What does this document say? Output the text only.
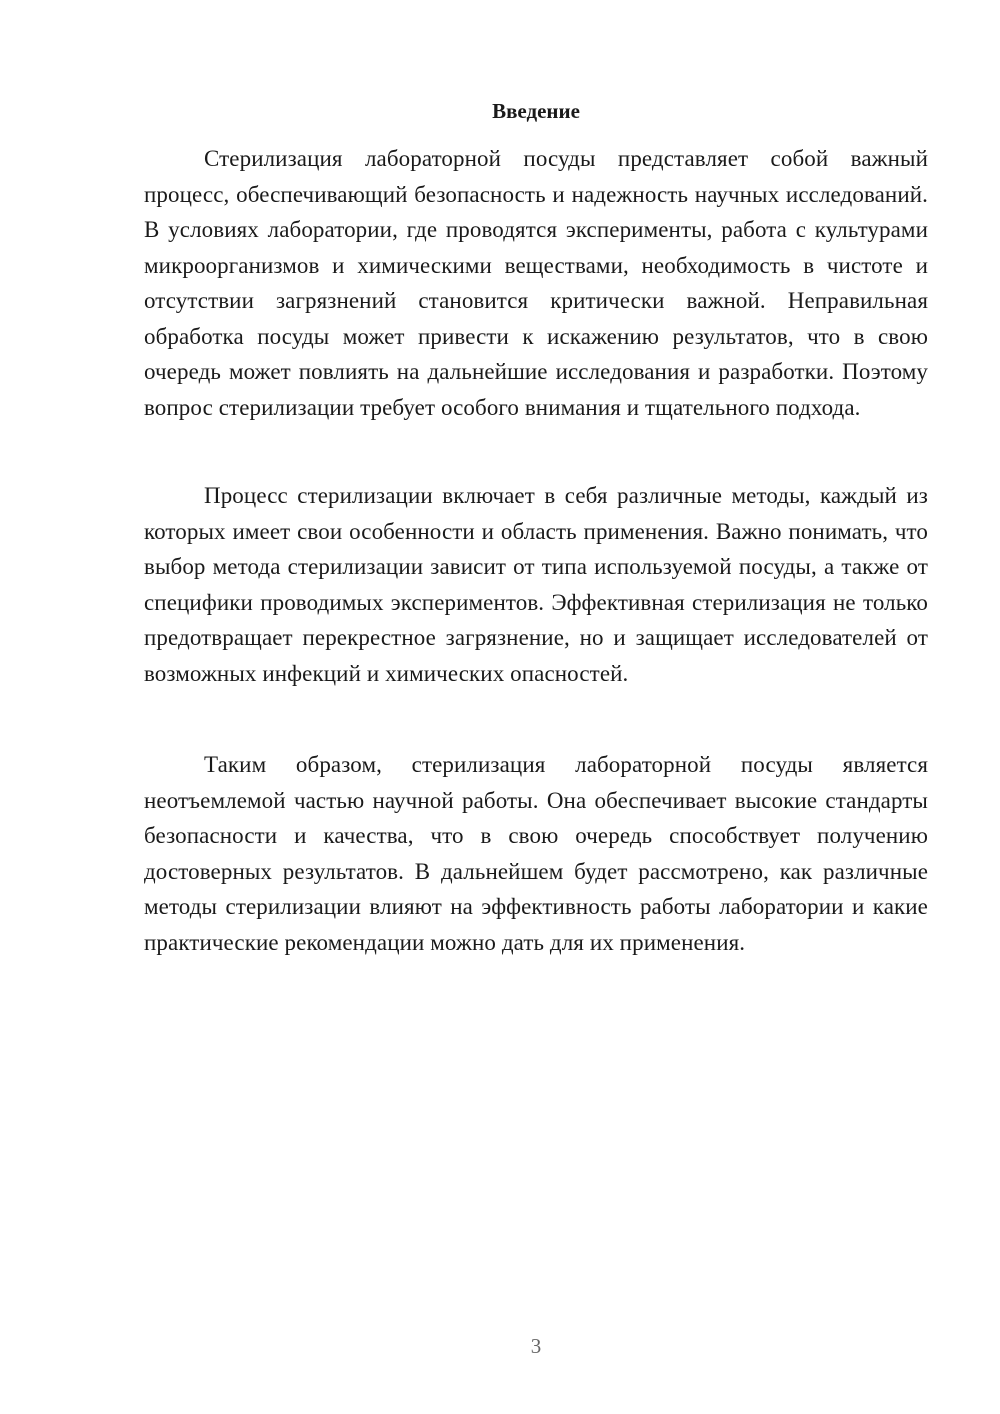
Введение

Стерилизация лабораторной посуды представляет собой важный процесс, обеспечивающий безопасность и надежность научных исследований. В условиях лаборатории, где проводятся эксперименты, работа с культурами микроорганизмов и химическими веществами, необходимость в чистоте и отсутствии загрязнений становится критически важной. Неправильная обработка посуды может привести к искажению результатов, что в свою очередь может повлиять на дальнейшие исследования и разработки. Поэтому вопрос стерилизации требует особого внимания и тщательного подхода.

Процесс стерилизации включает в себя различные методы, каждый из которых имеет свои особенности и область применения. Важно понимать, что выбор метода стерилизации зависит от типа используемой посуды, а также от специфики проводимых экспериментов. Эффективная стерилизация не только предотвращает перекрестное загрязнение, но и защищает исследователей от возможных инфекций и химических опасностей.

Таким образом, стерилизация лабораторной посуды является неотъемлемой частью научной работы. Она обеспечивает высокие стандарты безопасности и качества, что в свою очередь способствует получению достоверных результатов. В дальнейшем будет рассмотрено, как различные методы стерилизации влияют на эффективность работы лаборатории и какие практические рекомендации можно дать для их применения.

3
